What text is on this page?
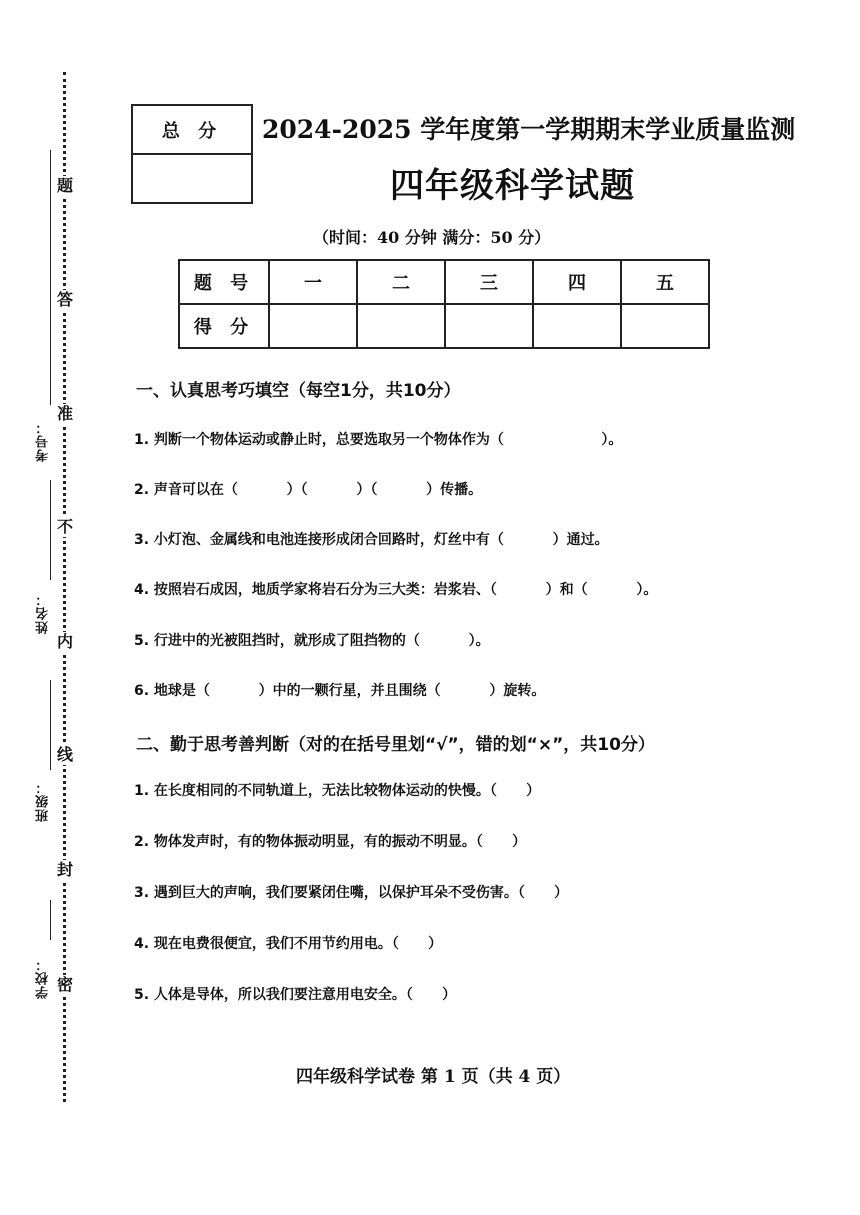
学校：
班级：
姓名：
考号：
密
封
线
内
不
准
答
题
总 分	2024-2025 学年度第一学期期末学业质量监测
四年级科学试题
（时间：40 分钟 满分：50 分）
题 号	一	二	三	四	五
得 分					
一、认真思考巧填空（每空1分，共10分）
1. 判断一个物体运动或静止时，总要选取另一个物体作为（                    ）。
2. 声音可以在（          ）（          ）（          ）传播。
3. 小灯泡、金属线和电池连接形成闭合回路时，灯丝中有（          ）通过。
4. 按照岩石成因，地质学家将岩石分为三大类：岩浆岩、（          ）和（          ）。
5. 行进中的光被阻挡时，就形成了阻挡物的（          ）。
6. 地球是（          ）中的一颗行星，并且围绕（          ）旋转。
二、勤于思考善判断（对的在括号里划“√”，错的划“×”，共10分）
1. 在长度相同的不同轨道上，无法比较物体运动的快慢。（      ）
2. 物体发声时，有的物体振动明显，有的振动不明显。（      ）
3. 遇到巨大的声响，我们要紧闭住嘴，以保护耳朵不受伤害。（      ）
4. 现在电费很便宜，我们不用节约用电。（      ）
5. 人体是导体，所以我们要注意用电安全。（      ）
四年级科学试卷 第 1 页（共 4 页）
